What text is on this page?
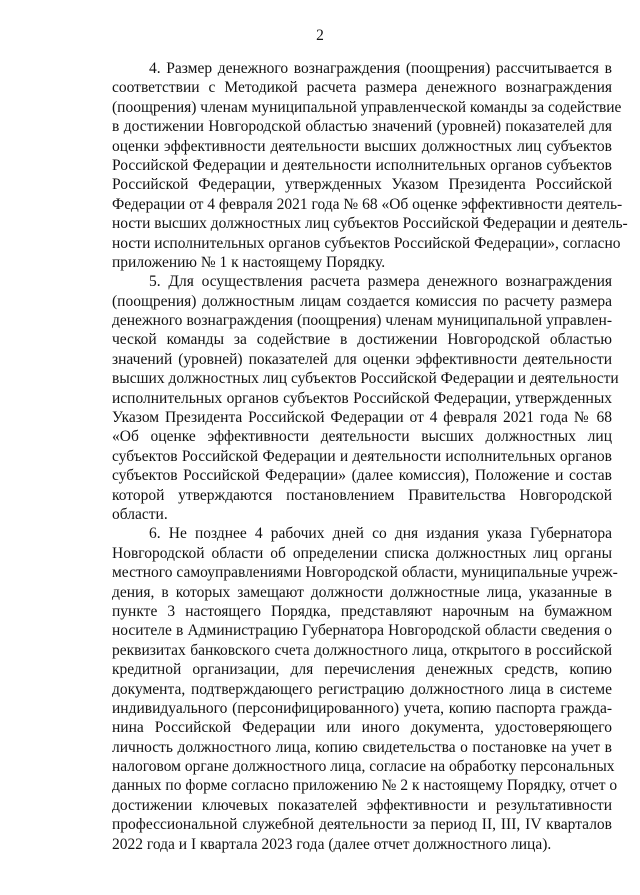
2
4. Размер денежного вознаграждения (поощрения) рассчитывается в
соответствии с Методикой расчета размера денежного вознаграждения
(поощрения) членам муниципальной управленческой команды за содействие
в достижении Новгородской областью значений (уровней) показателей для
оценки эффективности деятельности высших должностных лиц субъектов
Российской Федерации и деятельности исполнительных органов субъектов
Российской Федерации, утвержденных Указом Президента Российской
Федерации от 4 февраля 2021 года № 68 «Об оценке эффективности деятель-
ности высших должностных лиц субъектов Российской Федерации и деятель-
ности исполнительных органов субъектов Российской Федерации», согласно
приложению № 1 к настоящему Порядку.
5. Для осуществления расчета размера денежного вознаграждения
(поощрения) должностным лицам создается комиссия по расчету размера
денежного вознаграждения (поощрения) членам муниципальной управлен-
ческой команды за содействие в достижении Новгородской областью
значений (уровней) показателей для оценки эффективности деятельности
высших должностных лиц субъектов Российской Федерации и деятельности
исполнительных органов субъектов Российской Федерации, утвержденных
Указом Президента Российской Федерации от 4 февраля 2021 года № 68
«Об оценке эффективности деятельности высших должностных лиц
субъектов Российской Федерации и деятельности исполнительных органов
субъектов Российской Федерации» (далее комиссия), Положение и состав
которой утверждаются постановлением Правительства Новгородской
области.
6. Не позднее 4 рабочих дней со дня издания указа Губернатора
Новгородской области об определении списка должностных лиц органы
местного самоуправлениями Новгородской области, муниципальные учреж-
дения, в которых замещают должности должностные лица, указанные в
пункте 3 настоящего Порядка, представляют нарочным на бумажном
носителе в Администрацию Губернатора Новгородской области сведения о
реквизитах банковского счета должностного лица, открытого в российской
кредитной организации, для перечисления денежных средств, копию
документа, подтверждающего регистрацию должностного лица в системе
индивидуального (персонифицированного) учета, копию паспорта гражда-
нина Российской Федерации или иного документа, удостоверяющего
личность должностного лица, копию свидетельства о постановке на учет в
налоговом органе должностного лица, согласие на обработку персональных
данных по форме согласно приложению № 2 к настоящему Порядку, отчет о
достижении ключевых показателей эффективности и результативности
профессиональной служебной деятельности за период II, III, IV кварталов
2022 года и I квартала 2023 года (далее отчет должностного лица).
